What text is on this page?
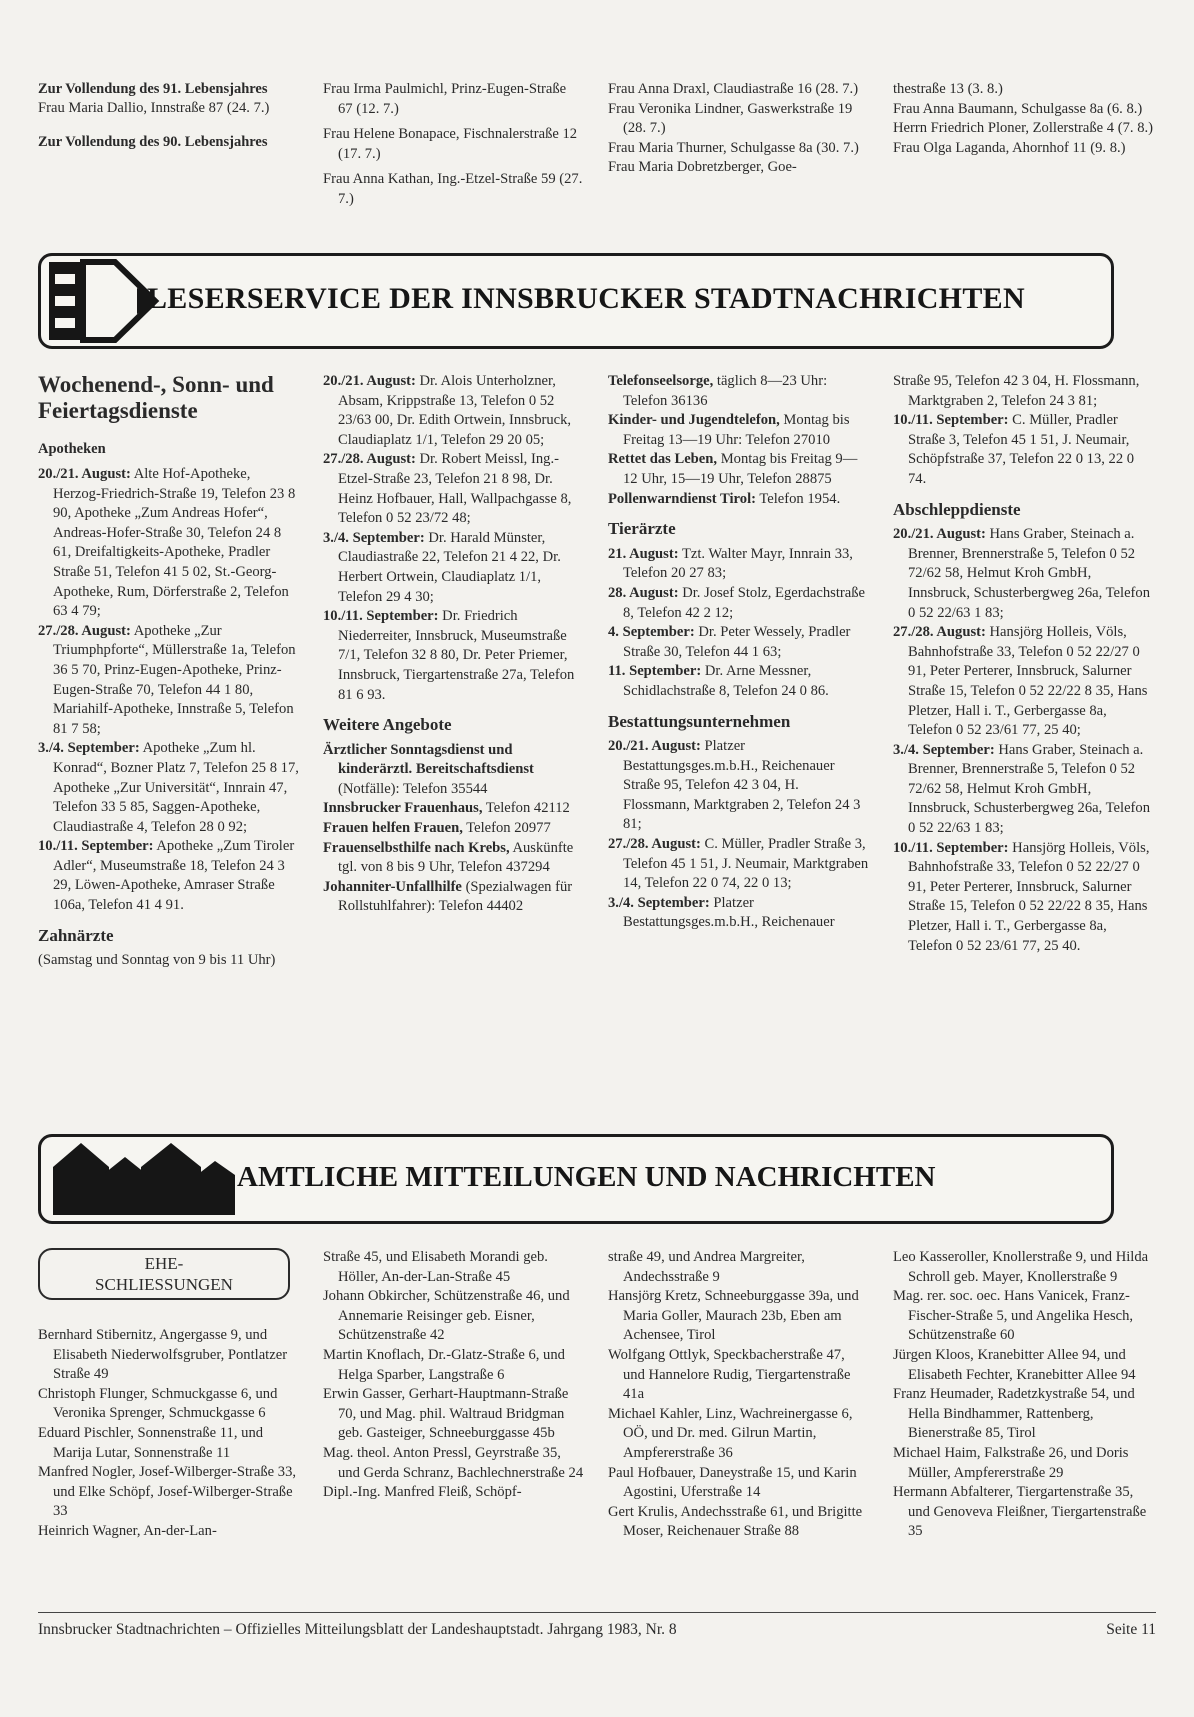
Zur Vollendung des 91. Lebensjahres

Frau Maria Dallio, Innstraße 87 (24. 7.)

Zur Vollendung des 90. Lebensjahres

Frau Irma Paulmichl, Prinz-Eugen-Straße 67 (12. 7.)

Frau Helene Bonapace, Fischnalerstraße 12 (17. 7.)

Frau Anna Kathan, Ing.-Etzel-Straße 59 (27. 7.)

Frau Anna Draxl, Claudiastraße 16 (28. 7.)

Frau Veronika Lindner, Gaswerkstraße 19 (28. 7.)

Frau Maria Thurner, Schulgasse 8a (30. 7.)

Frau Maria Dobretzberger, Goe-

thestraße 13 (3. 8.)

Frau Anna Baumann, Schulgasse 8a (6. 8.)

Herrn Friedrich Ploner, Zollerstraße 4 (7. 8.)

Frau Olga Laganda, Ahornhof 11 (9. 8.)

LESERSERVICE DER INNSBRUCKER STADTNACHRICHTEN
Wochenend-, Sonn- und Feiertagsdienste
Apotheken

20./21. August: Alte Hof-Apotheke, Herzog-Friedrich-Straße 19, Telefon 23 8 90, Apotheke „Zum Andreas Hofer“, Andreas-Hofer-Straße 30, Telefon 24 8 61, Dreifaltigkeits-Apotheke, Pradler Straße 51, Telefon 41 5 02, St.-Georg-Apotheke, Rum, Dörferstraße 2, Telefon 63 4 79;

27./28. August: Apotheke „Zur Triumphpforte“, Müllerstraße 1a, Telefon 36 5 70, Prinz-Eugen-Apotheke, Prinz-Eugen-Straße 70, Telefon 44 1 80, Mariahilf-Apotheke, Innstraße 5, Telefon 81 7 58;

3./4. September: Apotheke „Zum hl. Konrad“, Bozner Platz 7, Telefon 25 8 17, Apotheke „Zur Universität“, Innrain 47, Telefon 33 5 85, Saggen-Apotheke, Claudiastraße 4, Telefon 28 0 92;

10./11. September: Apotheke „Zum Tiroler Adler“, Museumstraße 18, Telefon 24 3 29, Löwen-Apotheke, Amraser Straße 106a, Telefon 41 4 91.

Zahnärzte

(Samstag und Sonntag von 9 bis 11 Uhr)

20./21. August: Dr. Alois Unterholzner, Absam, Krippstraße 13, Telefon 0 52 23/63 00, Dr. Edith Ortwein, Innsbruck, Claudiaplatz 1/1, Telefon 29 20 05;

27./28. August: Dr. Robert Meissl, Ing.-Etzel-Straße 23, Telefon 21 8 98, Dr. Heinz Hofbauer, Hall, Wallpachgasse 8, Telefon 0 52 23/72 48;

3./4. September: Dr. Harald Münster, Claudiastraße 22, Telefon 21 4 22, Dr. Herbert Ortwein, Claudiaplatz 1/1, Telefon 29 4 30;

10./11. September: Dr. Friedrich Niederreiter, Innsbruck, Museumstraße 7/1, Telefon 32 8 80, Dr. Peter Priemer, Innsbruck, Tiergartenstraße 27a, Telefon 81 6 93.

Weitere Angebote

Ärztlicher Sonntagsdienst und kinderärztl. Bereitschaftsdienst (Notfälle): Telefon 35544

Innsbrucker Frauenhaus, Telefon 42112

Frauen helfen Frauen, Telefon 20977

Frauenselbsthilfe nach Krebs, Auskünfte tgl. von 8 bis 9 Uhr, Telefon 437294

Johanniter-Unfallhilfe (Spezialwagen für Rollstuhlfahrer): Telefon 44402

Telefonseelsorge, täglich 8—23 Uhr: Telefon 36136

Kinder- und Jugendtelefon, Montag bis Freitag 13—19 Uhr: Telefon 27010

Rettet das Leben, Montag bis Freitag 9—12 Uhr, 15—19 Uhr, Telefon 28875

Pollenwarndienst Tirol: Telefon 1954.

Tierärzte

21. August: Tzt. Walter Mayr, Innrain 33, Telefon 20 27 83;

28. August: Dr. Josef Stolz, Egerdachstraße 8, Telefon 42 2 12;

4. September: Dr. Peter Wessely, Pradler Straße 30, Telefon 44 1 63;

11. September: Dr. Arne Messner, Schidlachstraße 8, Telefon 24 0 86.

Bestattungsunternehmen

20./21. August: Platzer Bestattungsges.m.b.H., Reichenauer Straße 95, Telefon 42 3 04, H. Flossmann, Marktgraben 2, Telefon 24 3 81;

27./28. August: C. Müller, Pradler Straße 3, Telefon 45 1 51, J. Neumair, Marktgraben 14, Telefon 22 0 74, 22 0 13;

3./4. September: Platzer Bestattungsges.m.b.H., Reichenauer

Straße 95, Telefon 42 3 04, H. Flossmann, Marktgraben 2, Telefon 24 3 81;

10./11. September: C. Müller, Pradler Straße 3, Telefon 45 1 51, J. Neumair, Schöpfstraße 37, Telefon 22 0 13, 22 0 74.

Abschleppdienste

20./21. August: Hans Graber, Steinach a. Brenner, Brennerstraße 5, Telefon 0 52 72/62 58, Helmut Kroh GmbH, Innsbruck, Schusterbergweg 26a, Telefon 0 52 22/63 1 83;

27./28. August: Hansjörg Holleis, Völs, Bahnhofstraße 33, Telefon 0 52 22/27 0 91, Peter Perterer, Innsbruck, Salurner Straße 15, Telefon 0 52 22/22 8 35, Hans Pletzer, Hall i. T., Gerbergasse 8a, Telefon 0 52 23/61 77, 25 40;

3./4. September: Hans Graber, Steinach a. Brenner, Brennerstraße 5, Telefon 0 52 72/62 58, Helmut Kroh GmbH, Innsbruck, Schusterbergweg 26a, Telefon 0 52 22/63 1 83;

10./11. September: Hansjörg Holleis, Völs, Bahnhofstraße 33, Telefon 0 52 22/27 0 91, Peter Perterer, Innsbruck, Salurner Straße 15, Telefon 0 52 22/22 8 35, Hans Pletzer, Hall i. T., Gerbergasse 8a, Telefon 0 52 23/61 77, 25 40.

AMTLICHE MITTEILUNGEN UND NACHRICHTEN
EHE-
SCHLIESSUNGEN

Bernhard Stibernitz, Angergasse 9, und Elisabeth Niederwolfsgruber, Pontlatzer Straße 49

Christoph Flunger, Schmuckgasse 6, und Veronika Sprenger, Schmuckgasse 6

Eduard Pischler, Sonnenstraße 11, und Marija Lutar, Sonnenstraße 11

Manfred Nogler, Josef-Wilberger-Straße 33, und Elke Schöpf, Josef-Wilberger-Straße 33

Heinrich Wagner, An-der-Lan-

Straße 45, und Elisabeth Morandi geb. Höller, An-der-Lan-Straße 45

Johann Obkircher, Schützenstraße 46, und Annemarie Reisinger geb. Eisner, Schützenstraße 42

Martin Knoflach, Dr.-Glatz-Straße 6, und Helga Sparber, Langstraße 6

Erwin Gasser, Gerhart-Hauptmann-Straße 70, und Mag. phil. Waltraud Bridgman geb. Gasteiger, Schneeburggasse 45b

Mag. theol. Anton Pressl, Geyrstraße 35, und Gerda Schranz, Bachlechnerstraße 24

Dipl.-Ing. Manfred Fleiß, Schöpf-

straße 49, und Andrea Margreiter, Andechsstraße 9

Hansjörg Kretz, Schneeburggasse 39a, und Maria Goller, Maurach 23b, Eben am Achensee, Tirol

Wolfgang Ottlyk, Speckbacherstraße 47, und Hannelore Rudig, Tiergartenstraße 41a

Michael Kahler, Linz, Wachreinergasse 6, OÖ, und Dr. med. Gilrun Martin, Ampfererstraße 36

Paul Hofbauer, Daneystraße 15, und Karin Agostini, Uferstraße 14

Gert Krulis, Andechsstraße 61, und Brigitte Moser, Reichenauer Straße 88

Leo Kasseroller, Knollerstraße 9, und Hilda Schroll geb. Mayer, Knollerstraße 9

Mag. rer. soc. oec. Hans Vanicek, Franz-Fischer-Straße 5, und Angelika Hesch, Schützenstraße 60

Jürgen Kloos, Kranebitter Allee 94, und Elisabeth Fechter, Kranebitter Allee 94

Franz Heumader, Radetzkystraße 54, und Hella Bindhammer, Rattenberg, Bienerstraße 85, Tirol

Michael Haim, Falkstraße 26, und Doris Müller, Ampfererstraße 29

Hermann Abfalterer, Tiergartenstraße 35, und Genoveva Fleißner, Tiergartenstraße 35

Innsbrucker Stadtnachrichten – Offizielles Mitteilungsblatt der Landeshauptstadt. Jahrgang 1983, Nr. 8	Seite 11
